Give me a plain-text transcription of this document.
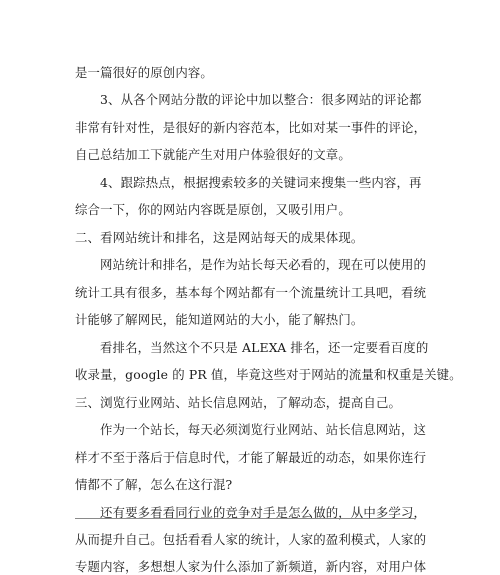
是一篇很好的原创内容。
3、从各个网站分散的评论中加以整合：很多网站的评论都
非常有针对性，是很好的新内容范本，比如对某一事件的评论，
自己总结加工下就能产生对用户体验很好的文章。
4、跟踪热点，根据搜索较多的关键词来搜集一些内容，再
综合一下，你的网站内容既是原创，又吸引用户。
二、看网站统计和排名，这是网站每天的成果体现。
网站统计和排名，是作为站长每天必看的，现在可以使用的
统计工具有很多，基本每个网站都有一个流量统计工具吧，看统
计能够了解网民，能知道网站的大小，能了解热门。
看排名，当然这个不只是 ALEXA 排名，还一定要看百度的
收录量，google 的 PR 值，毕竟这些对于网站的流量和权重是关键。
三、浏览行业网站、站长信息网站，了解动态，提高自己。
作为一个站长，每天必须浏览行业网站、站长信息网站，这
样才不至于落后于信息时代，才能了解最近的动态，如果你连行
情都不了解，怎么在这行混?
还有要多看看同行业的竞争对手是怎么做的，从中多学习，
从而提升自己。包括看看人家的统计，人家的盈利模式，人家的
专题内容，多想想人家为什么添加了新频道，新内容，对用户体
